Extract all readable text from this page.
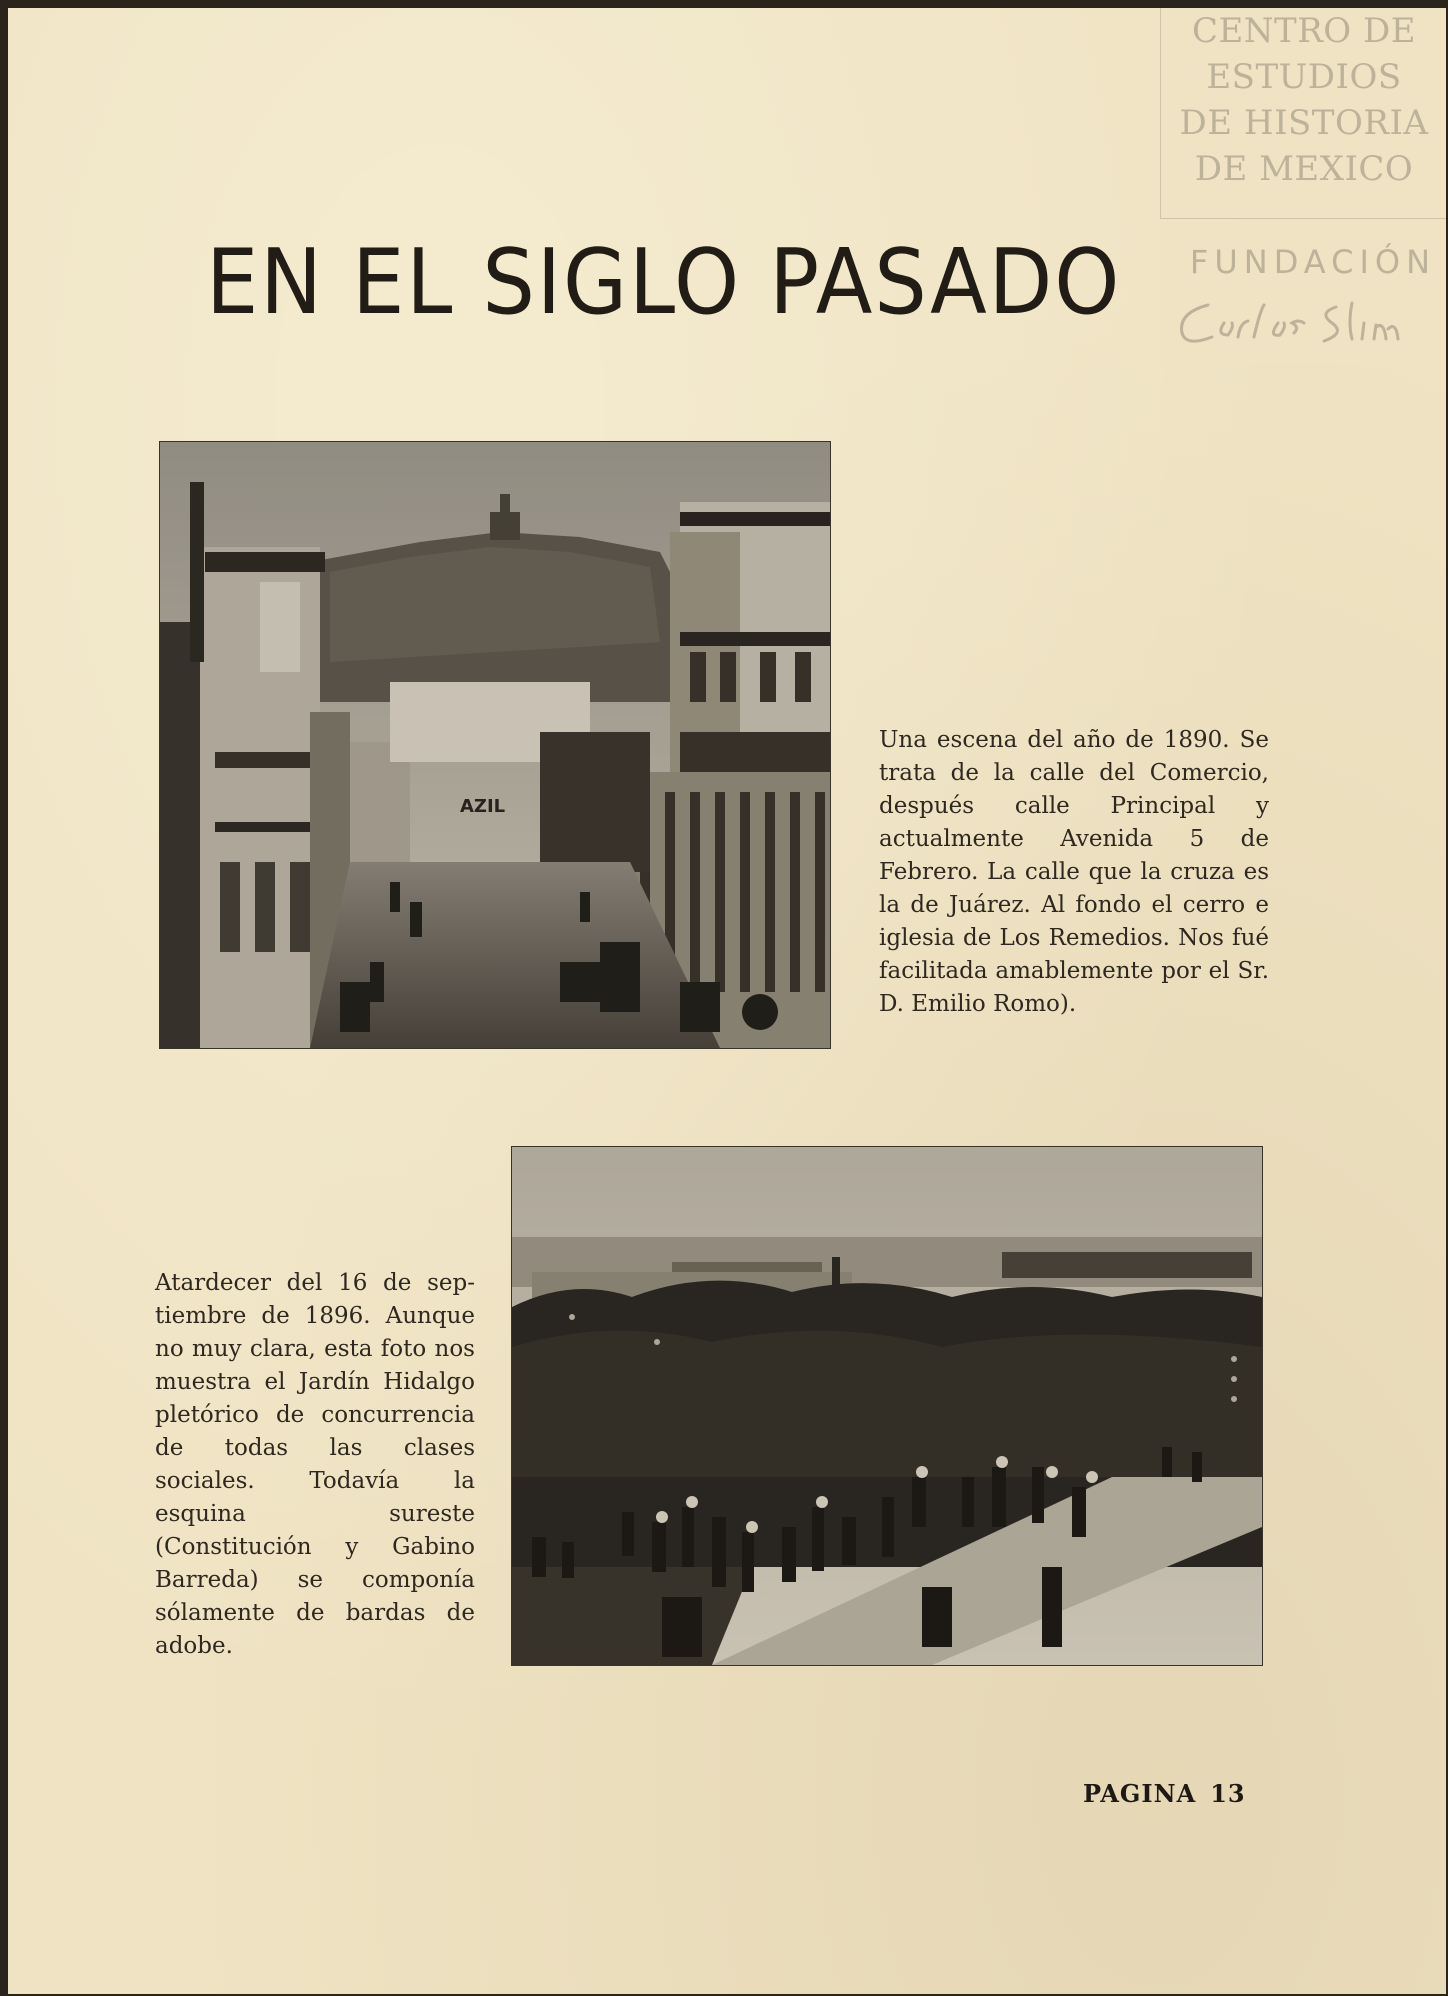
EN EL SIGLO PASADO
AZIL

Una escena del año de 1890. Se trata de la calle del Comercio, después calle Principal y actualmente Avenida 5 de Febrero. La calle que la cruza es la de Juárez. Al fondo el cerro e iglesia de Los Remedios. Nos fué facilitada amablemente por el Sr. D. Emilio Romo).

Atardecer del 16 de septiembre de 1896. Aunque no muy clara, esta foto nos muestra el Jardín Hidalgo pletórico de concurrencia de todas las clases sociales. Todavía la esquina sureste (Constitución y Gabino Barreda) se componía sólamente de bardas de adobe.

PAGINA 13
CENTRO DE
ESTUDIOS
DE HISTORIA
DE MEXICO
FUNDACIÓN
